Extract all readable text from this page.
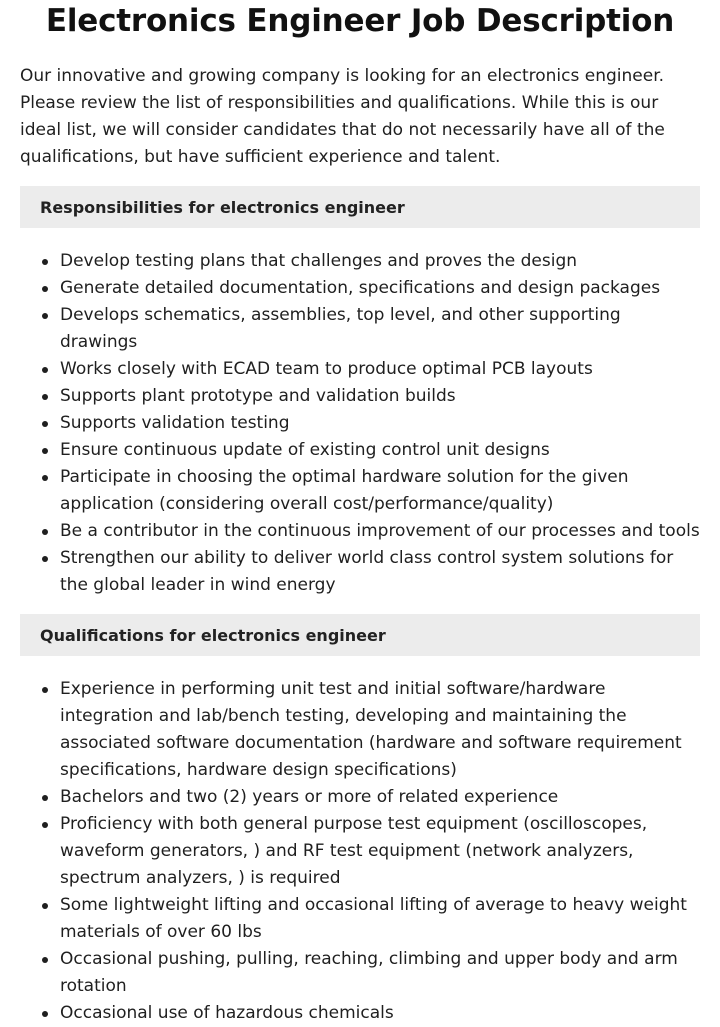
Electronics Engineer Job Description

Our innovative and growing company is looking for an electronics engineer. Please review the list of responsibilities and qualifications. While this is our ideal list, we will consider candidates that do not necessarily have all of the qualifications, but have sufficient experience and talent.

Responsibilities for electronics engineer
Develop testing plans that challenges and proves the design
Generate detailed documentation, specifications and design packages
Develops schematics, assemblies, top level, and other supporting drawings
Works closely with ECAD team to produce optimal PCB layouts
Supports plant prototype and validation builds
Supports validation testing
Ensure continuous update of existing control unit designs
Participate in choosing the optimal hardware solution for the given application (considering overall cost/performance/quality)
Be a contributor in the continuous improvement of our processes and tools
Strengthen our ability to deliver world class control system solutions for the global leader in wind energy
Qualifications for electronics engineer
Experience in performing unit test and initial software/hardware integration and lab/bench testing, developing and maintaining the associated software documentation (hardware and software requirement specifications, hardware design specifications)
Bachelors and two (2) years or more of related experience
Proficiency with both general purpose test equipment (oscilloscopes, waveform generators, ) and RF test equipment (network analyzers, spectrum analyzers, ) is required
Some lightweight lifting and occasional lifting of average to heavy weight materials of over 60 lbs
Occasional pushing, pulling, reaching, climbing and upper body and arm rotation
Occasional use of hazardous chemicals
